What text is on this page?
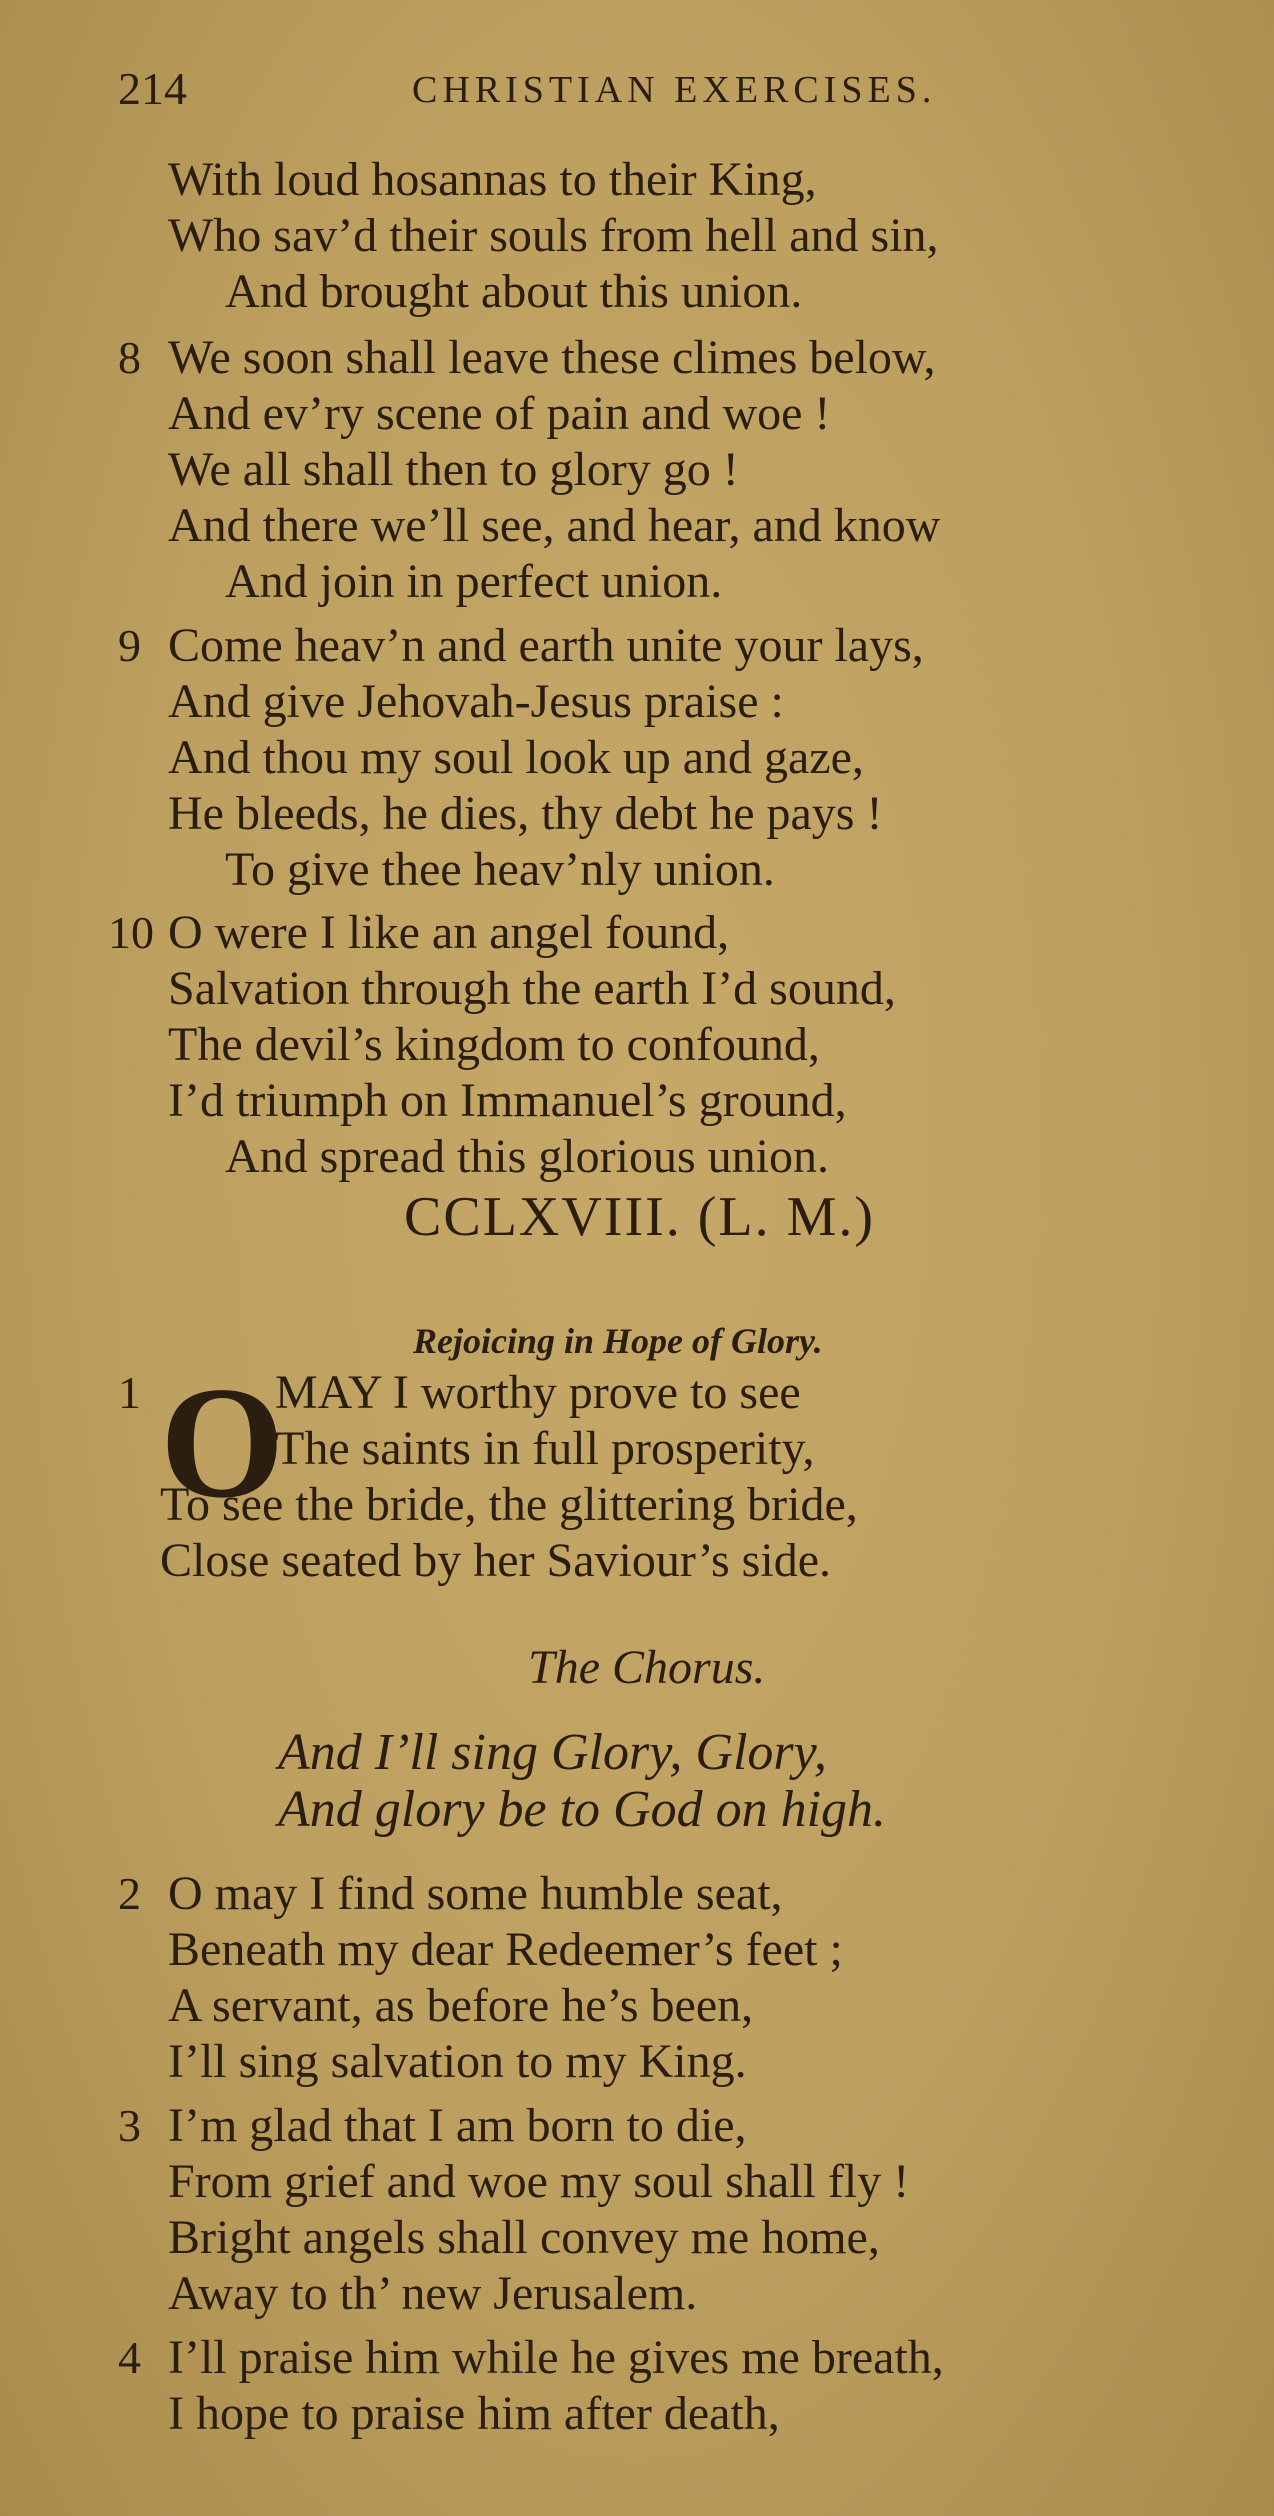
214	CHRISTIAN EXERCISES.
With loud hosannas to their King,
Who sav’d their souls from hell and sin,
And brought about this union.
8 We soon shall leave these climes below,
And ev’ry scene of pain and woe !
We all shall then to glory go !
And there we’ll see, and hear, and know
And join in perfect union.
9 Come heav’n and earth unite your lays,
And give Jehovah-Jesus praise :
And thou my soul look up and gaze,
He bleeds, he dies, thy debt he pays !
To give thee heav’nly union.
10 O were I like an angel found,
Salvation through the earth I’d sound,
The devil’s kingdom to confound,
I’d triumph on Immanuel’s ground,
And spread this glorious union.
CCLXVIII. (L. M.)
Rejoicing in Hope of Glory.
1 O
MAY I worthy prove to see
The saints in full prosperity,
To see the bride, the glittering bride,
Close seated by her Saviour’s side.
The Chorus.
And I’ll sing Glory, Glory,
And glory be to God on high.
2 O may I find some humble seat,
Beneath my dear Redeemer’s feet ;
A servant, as before he’s been,
I’ll sing salvation to my King.
3 I’m glad that I am born to die,
From grief and woe my soul shall fly !
Bright angels shall convey me home,
Away to th’ new Jerusalem.
4 I’ll praise him while he gives me breath,
I hope to praise him after death,
